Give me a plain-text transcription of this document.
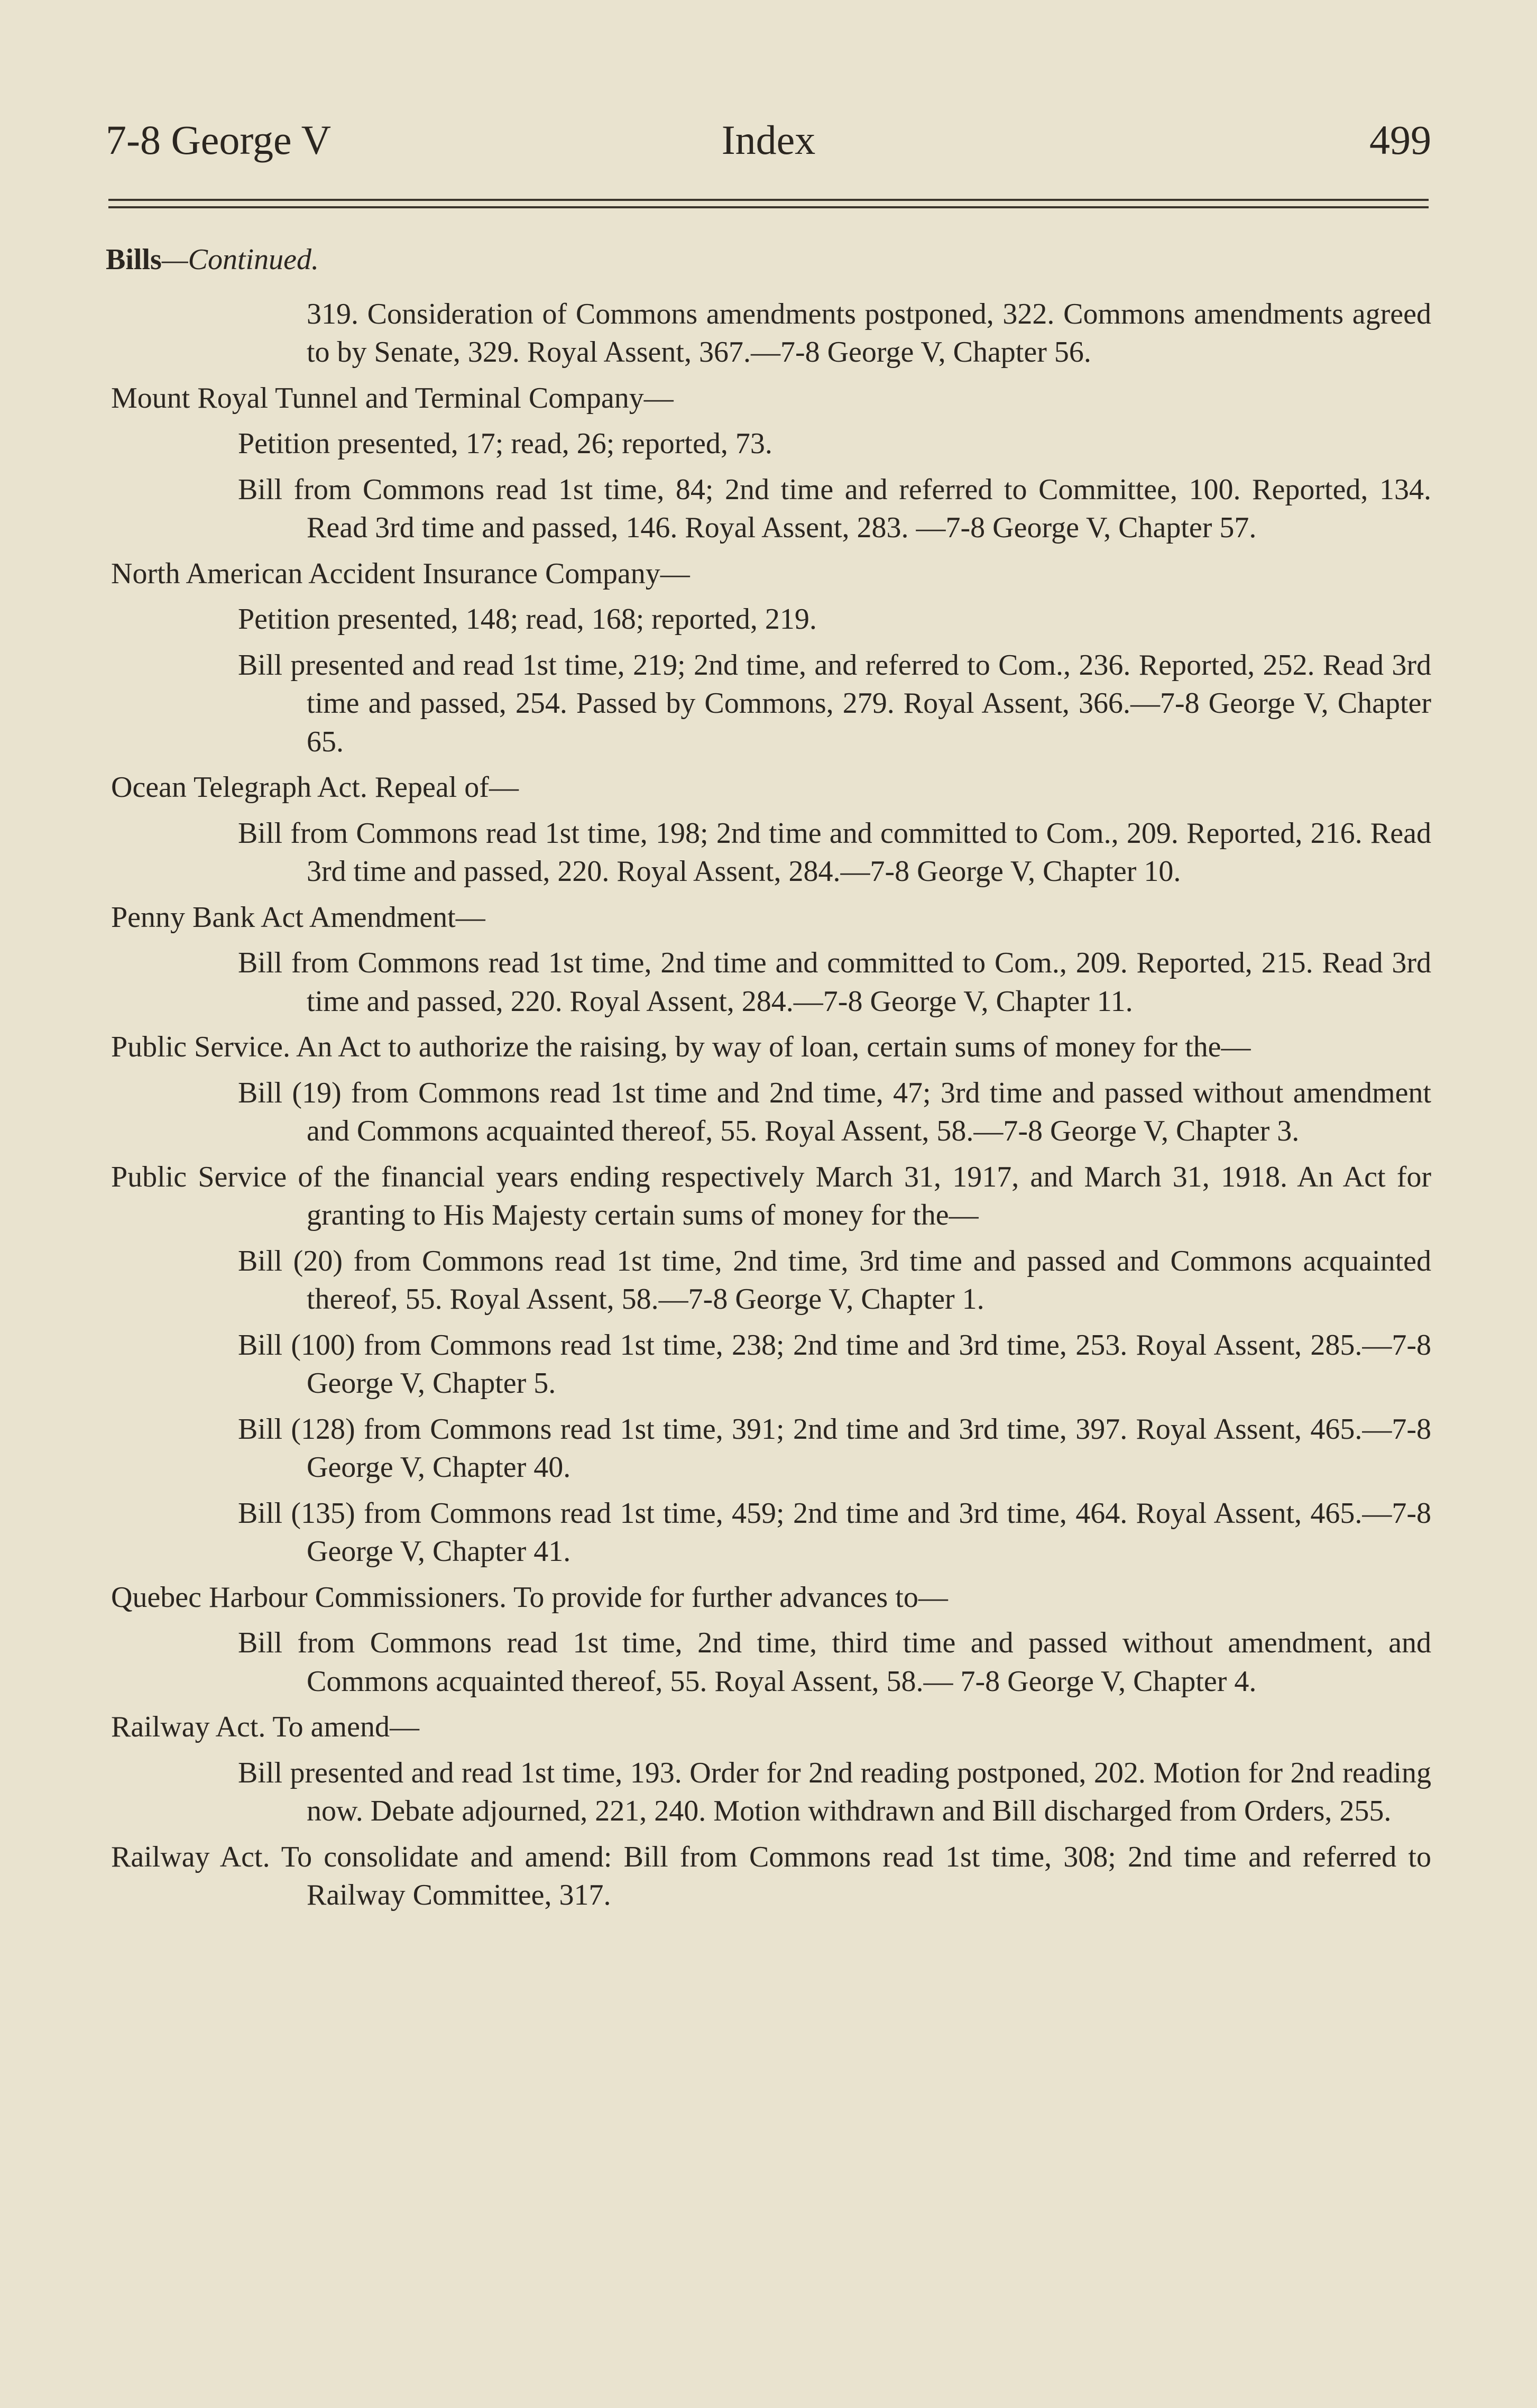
7-8 George V	Index	499
Bills—Continued.

319. Consideration of Commons amendments postponed, 322. Commons amendments agreed to by Senate, 329. Royal Assent, 367.—7-8 George V, Chapter 56.

Mount Royal Tunnel and Terminal Company—

Petition presented, 17; read, 26; reported, 73.

Bill from Commons read 1st time, 84; 2nd time and referred to Committee, 100. Reported, 134. Read 3rd time and passed, 146. Royal Assent, 283. —7-8 George V, Chapter 57.

North American Accident Insurance Company—

Petition presented, 148; read, 168; reported, 219.

Bill presented and read 1st time, 219; 2nd time, and referred to Com., 236. Reported, 252. Read 3rd time and passed, 254. Passed by Commons, 279. Royal Assent, 366.—7-8 George V, Chapter 65.

Ocean Telegraph Act. Repeal of—

Bill from Commons read 1st time, 198; 2nd time and committed to Com., 209. Reported, 216. Read 3rd time and passed, 220. Royal Assent, 284.—7-8 George V, Chapter 10.

Penny Bank Act Amendment—

Bill from Commons read 1st time, 2nd time and committed to Com., 209. Reported, 215. Read 3rd time and passed, 220. Royal Assent, 284.—7-8 George V, Chapter 11.

Public Service. An Act to authorize the raising, by way of loan, certain sums of money for the—

Bill (19) from Commons read 1st time and 2nd time, 47; 3rd time and passed without amendment and Commons acquainted thereof, 55. Royal Assent, 58.—7-8 George V, Chapter 3.

Public Service of the financial years ending respectively March 31, 1917, and March 31, 1918. An Act for granting to His Majesty certain sums of money for the—

Bill (20) from Commons read 1st time, 2nd time, 3rd time and passed and Commons acquainted thereof, 55. Royal Assent, 58.—7-8 George V, Chapter 1.

Bill (100) from Commons read 1st time, 238; 2nd time and 3rd time, 253. Royal Assent, 285.—7-8 George V, Chapter 5.

Bill (128) from Commons read 1st time, 391; 2nd time and 3rd time, 397. Royal Assent, 465.—7-8 George V, Chapter 40.

Bill (135) from Commons read 1st time, 459; 2nd time and 3rd time, 464. Royal Assent, 465.—7-8 George V, Chapter 41.

Quebec Harbour Commissioners. To provide for further advances to—

Bill from Commons read 1st time, 2nd time, third time and passed without amendment, and Commons acquainted thereof, 55. Royal Assent, 58.— 7-8 George V, Chapter 4.

Railway Act. To amend—

Bill presented and read 1st time, 193. Order for 2nd reading postponed, 202. Motion for 2nd reading now. Debate adjourned, 221, 240. Motion withdrawn and Bill discharged from Orders, 255.

Railway Act. To consolidate and amend: Bill from Commons read 1st time, 308; 2nd time and referred to Railway Committee, 317.
